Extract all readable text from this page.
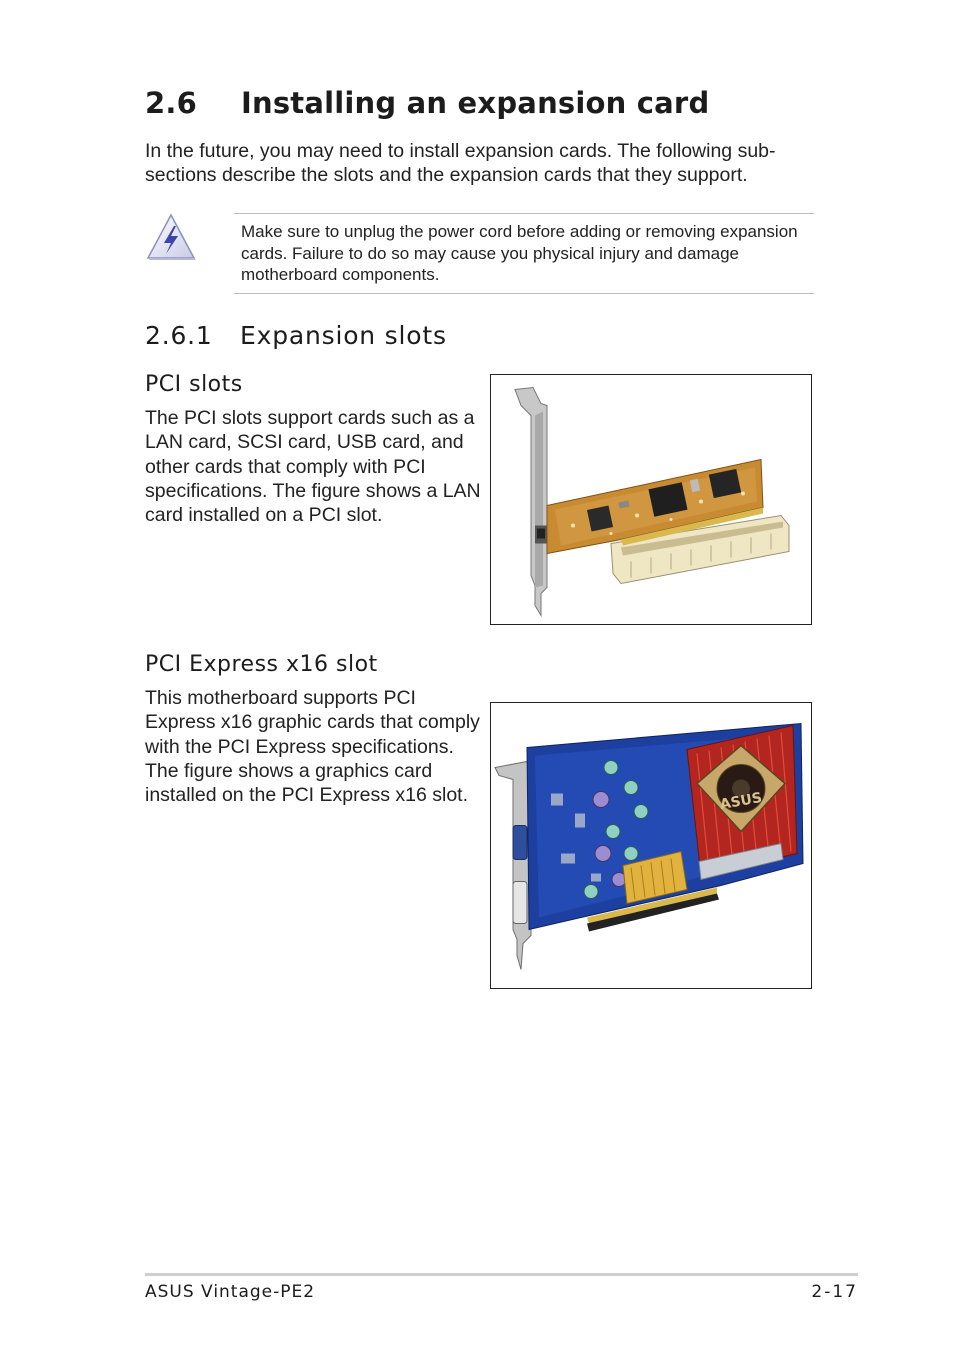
2.6 Installing an expansion card

In the future, you may need to install expansion cards. The following sub-sections describe the slots and the expansion cards that they support.

Make sure to unplug the power cord before adding or removing expansion cards. Failure to do so may cause you physical injury and damage motherboard components.

2.6.1 Expansion slots
PCI slots

The PCI slots support cards such as a LAN card, SCSI card, USB card, and other cards that comply with PCI specifications. The figure shows a LAN card installed on a PCI slot.

PCI Express x16 slot

This motherboard supports PCI Express x16 graphic cards that comply with the PCI Express specifications. The figure shows a graphics card installed on the PCI Express x16 slot.	ASUS

ASUS Vintage-PE2	2-17
